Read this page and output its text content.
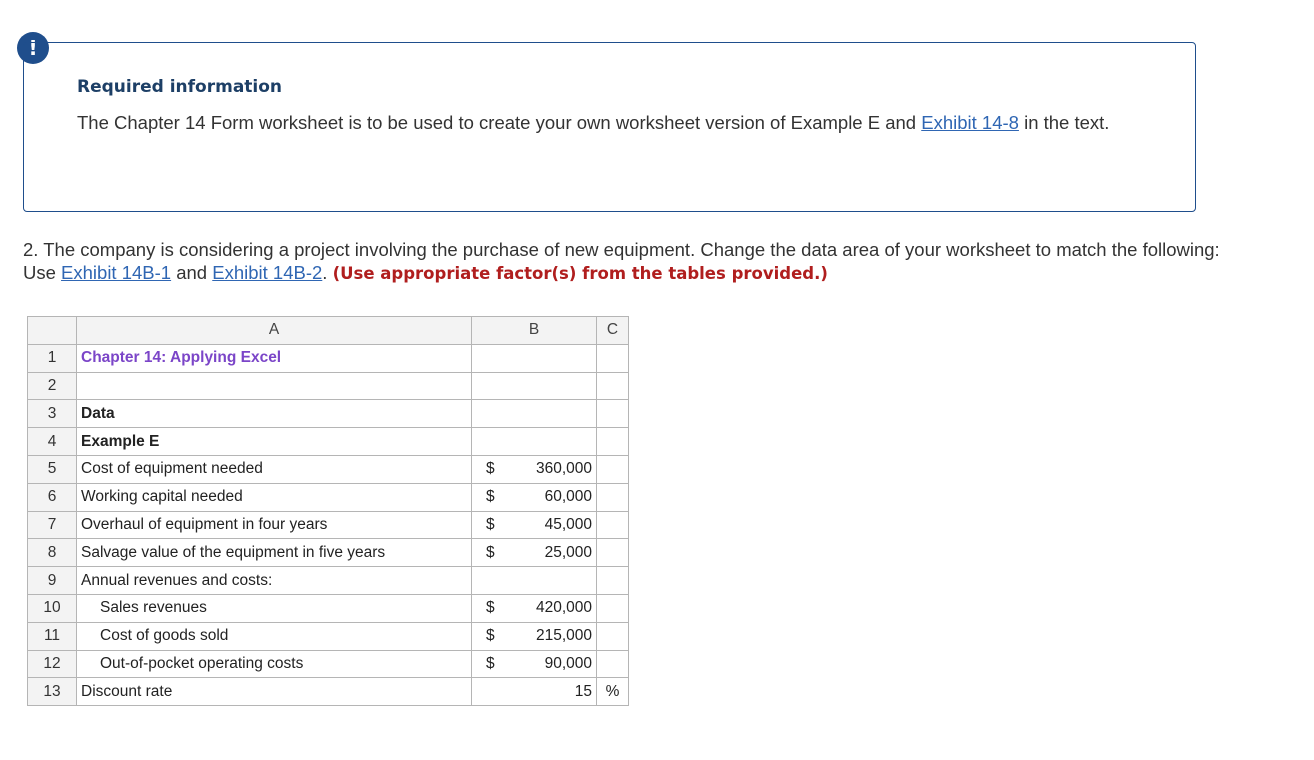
!
Required information
The Chapter 14 Form worksheet is to be used to create your own worksheet version of Example E and Exhibit 14-8 in the text.
2. The company is considering a project involving the purchase of new equipment. Change the data area of your worksheet to match the following: Use Exhibit 14B-1 and Exhibit 14B-2. (Use appropriate factor(s) from the tables provided.)
	A	B	C
1	Chapter 14: Applying Excel	

2		

3	Data	

4	Example E	

5	Cost of equipment needed	$ 360,000	

6	Working capital needed	$ 60,000	

7	Overhaul of equipment in four years	$ 45,000	

8	Salvage value of the equipment in five years	$ 25,000	

9	Annual revenues and costs:	

10	Sales revenues	$ 420,000	

11	Cost of goods sold	$ 215,000	

12	Out-of-pocket operating costs	$ 90,000	

13	Discount rate	15	%
